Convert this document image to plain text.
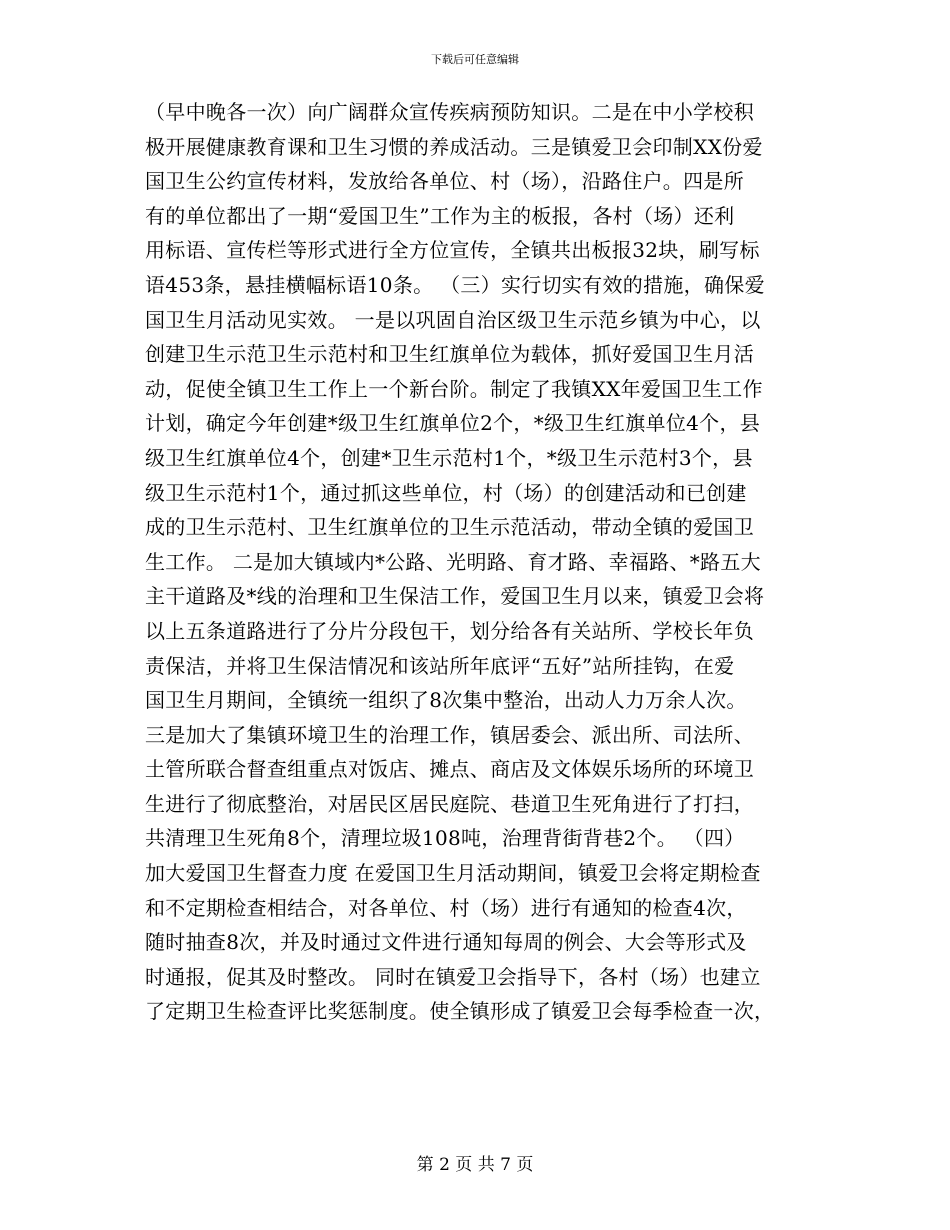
下载后可任意编辑
（早中晚各一次）向广阔群众宣传疾病预防知识。二是在中小学校积
极开展健康教育课和卫生习惯的养成活动。三是镇爱卫会印制XX份爱
国卫生公约宣传材料，发放给各单位、村（场），沿路住户。四是所
有的单位都出了一期“爱国卫生”工作为主的板报，各村（场）还利
用标语、宣传栏等形式进行全方位宣传，全镇共出板报32块，刷写标
语453条，悬挂横幅标语10条。 （三）实行切实有效的措施，确保爱
国卫生月活动见实效。 一是以巩固自治区级卫生示范乡镇为中心，以
创建卫生示范卫生示范村和卫生红旗单位为载体，抓好爱国卫生月活
动，促使全镇卫生工作上一个新台阶。制定了我镇XX年爱国卫生工作
计划，确定今年创建*级卫生红旗单位2个，*级卫生红旗单位4个，县
级卫生红旗单位4个，创建*卫生示范村1个，*级卫生示范村3个，县
级卫生示范村1个，通过抓这些单位，村（场）的创建活动和已创建
成的卫生示范村、卫生红旗单位的卫生示范活动，带动全镇的爱国卫
生工作。 二是加大镇域内*公路、光明路、育才路、幸福路、*路五大
主干道路及*线的治理和卫生保洁工作，爱国卫生月以来，镇爱卫会将
以上五条道路进行了分片分段包干，划分给各有关站所、学校长年负
责保洁，并将卫生保洁情况和该站所年底评“五好”站所挂钩，在爱
国卫生月期间，全镇统一组织了8次集中整治，出动人力万余人次。
三是加大了集镇环境卫生的治理工作，镇居委会、派出所、司法所、
土管所联合督查组重点对饭店、摊点、商店及文体娱乐场所的环境卫
生进行了彻底整治，对居民区居民庭院、巷道卫生死角进行了打扫，
共清理卫生死角8个，清理垃圾108吨，治理背街背巷2个。 （四）
加大爱国卫生督查力度 在爱国卫生月活动期间，镇爱卫会将定期检查
和不定期检查相结合，对各单位、村（场）进行有通知的检查4次，
随时抽查8次，并及时通过文件进行通知每周的例会、大会等形式及
时通报，促其及时整改。 同时在镇爱卫会指导下，各村（场）也建立
了定期卫生检查评比奖惩制度。使全镇形成了镇爱卫会每季检查一次，
第 2 页 共 7 页
